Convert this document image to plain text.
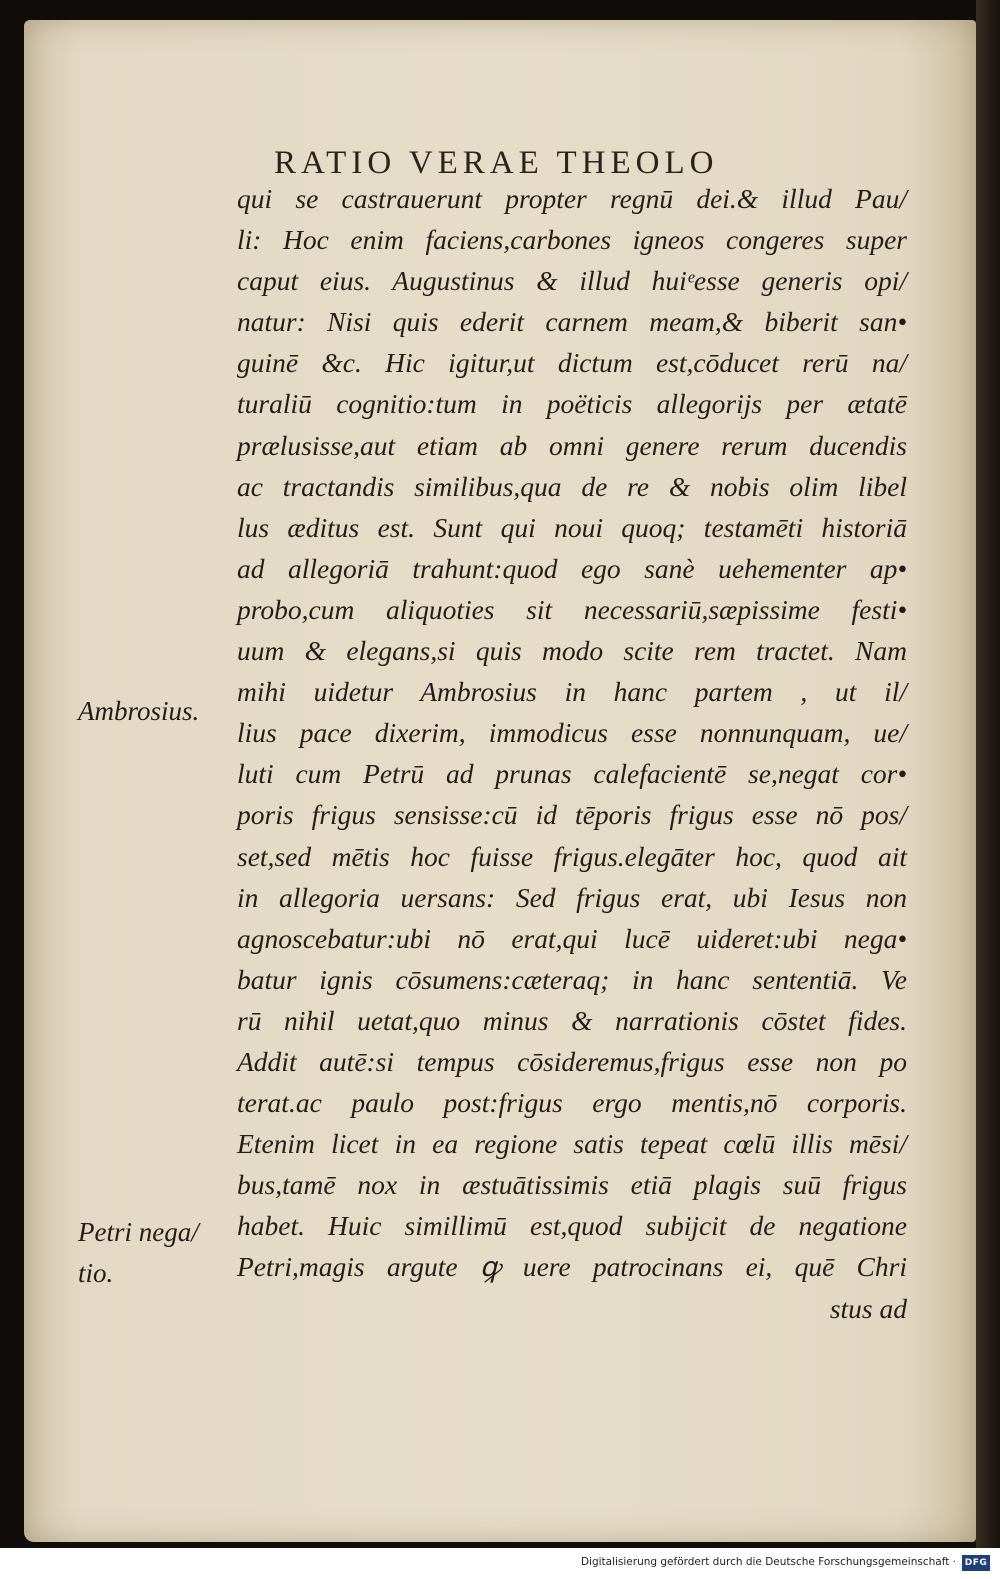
RATIO VERAE THEOLO
qui se castrauerunt propter regnū dei.& illud Pau/
li: Hoc enim faciens,carbones igneos congeres super
caput eius. Augustinus & illud huiᵉesse generis opi/
natur: Nisi quis ederit carnem meam,& biberit san•
guinē &c. Hic igitur,ut dictum est,cōducet rerū na/
turaliū cognitio:tum in poëticis allegorijs per ætatē
prælusisse,aut etiam ab omni genere rerum ducendis
ac tractandis similibus,qua de re & nobis olim libel
lus æditus est. Sunt qui noui quoq; testamēti historiā
ad allegoriā trahunt:quod ego sanè uehementer ap•
probo,cum aliquoties sit necessariū,sæpissime festi•
uum & elegans,si quis modo scite rem tractet. Nam
mihi uidetur Ambrosius in hanc partem , ut il/
lius pace dixerim, immodicus esse nonnunquam, ue/
luti cum Petrū ad prunas calefacientē se,negat cor•
poris frigus sensisse:cū id tēporis frigus esse nō pos/
set,sed mētis hoc fuisse frigus.elegāter hoc, quod ait
in allegoria uersans: Sed frigus erat, ubi Iesus non
agnoscebatur:ubi nō erat,qui lucē uideret:ubi nega•
batur ignis cōsumens:cæteraq; in hanc sententiā. Ve
rū nihil uetat,quo minus & narrationis cōstet fides.
Addit autē:si tempus cōsideremus,frigus esse non po
terat.ac paulo post:frigus ergo mentis,nō corporis.
Etenim licet in ea regione satis tepeat cœlū illis mēsi/
bus,tamē nox in æstuātissimis etiā plagis suū frigus
habet. Huic simillimū est,quod subijcit de negatione
Petri,magis argute ꝙ uere patrocinans ei, quē Chri
stus ad
Ambrosius.
Petri nega/
tio.
Digitalisierung gefördert durch die Deutsche Forschungsgemeinschaft · DFG
